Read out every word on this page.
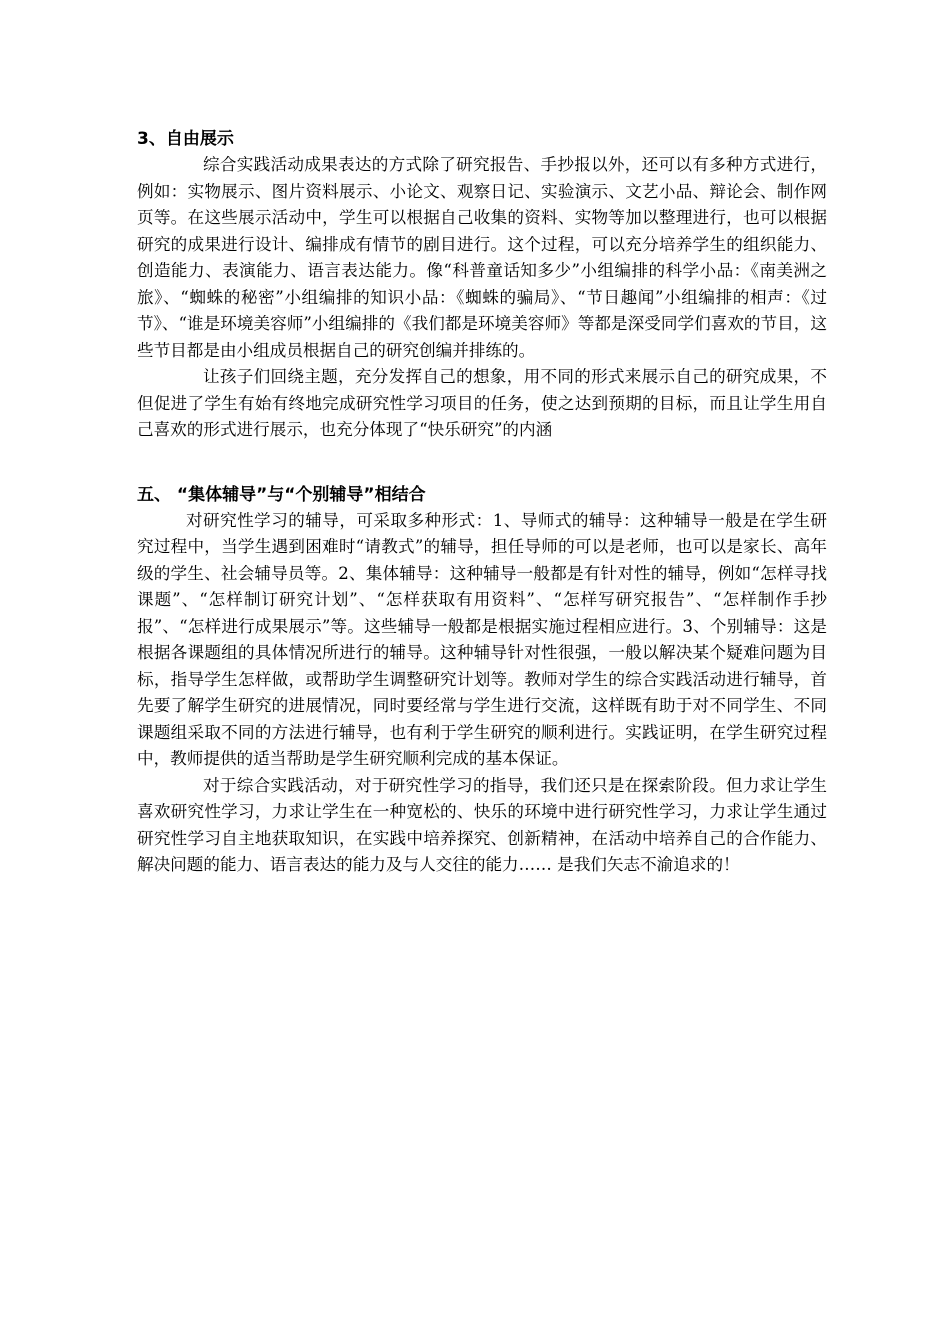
3、自由展示

综合实践活动成果表达的方式除了研究报告、手抄报以外，还可以有多种方式进行，例如：实物展示、图片资料展示、小论文、观察日记、实验演示、文艺小品、辩论会、制作网页等。在这些展示活动中，学生可以根据自己收集的资料、实物等加以整理进行，也可以根据研究的成果进行设计、编排成有情节的剧目进行。这个过程，可以充分培养学生的组织能力、创造能力、表演能力、语言表达能力。像“科普童话知多少”小组编排的科学小品：《南美洲之旅》、“蜘蛛的秘密”小组编排的知识小品：《蜘蛛的骗局》、“节日趣闻”小组编排的相声：《过节》、“谁是环境美容师”小组编排的《我们都是环境美容师》等都是深受同学们喜欢的节目，这些节目都是由小组成员根据自己的研究创编并排练的。

让孩子们回绕主题，充分发挥自己的想象，用不同的形式来展示自己的研究成果，不但促进了学生有始有终地完成研究性学习项目的任务，使之达到预期的目标，而且让学生用自己喜欢的形式进行展示，也充分体现了“快乐研究”的内涵

五、 “集体辅导”与“个别辅导”相结合

对研究性学习的辅导，可采取多种形式：1、导师式的辅导：这种辅导一般是在学生研究过程中，当学生遇到困难时“请教式”的辅导，担任导师的可以是老师，也可以是家长、高年级的学生、社会辅导员等。2、集体辅导：这种辅导一般都是有针对性的辅导，例如“怎样寻找课题”、“怎样制订研究计划”、“怎样获取有用资料”、“怎样写研究报告”、“怎样制作手抄报”、“怎样进行成果展示”等。这些辅导一般都是根据实施过程相应进行。3、个别辅导：这是根据各课题组的具体情况所进行的辅导。这种辅导针对性很强，一般以解决某个疑难问题为目标，指导学生怎样做，或帮助学生调整研究计划等。教师对学生的综合实践活动进行辅导，首先要了解学生研究的进展情况，同时要经常与学生进行交流，这样既有助于对不同学生、不同课题组采取不同的方法进行辅导，也有利于学生研究的顺利进行。实践证明，在学生研究过程中，教师提供的适当帮助是学生研究顺利完成的基本保证。

对于综合实践活动，对于研究性学习的指导，我们还只是在探索阶段。但力求让学生喜欢研究性学习，力求让学生在一种宽松的、快乐的环境中进行研究性学习，力求让学生通过研究性学习自主地获取知识，在实践中培养探究、创新精神，在活动中培养自己的合作能力、解决问题的能力、语言表达的能力及与人交往的能力…… 是我们矢志不渝追求的！
